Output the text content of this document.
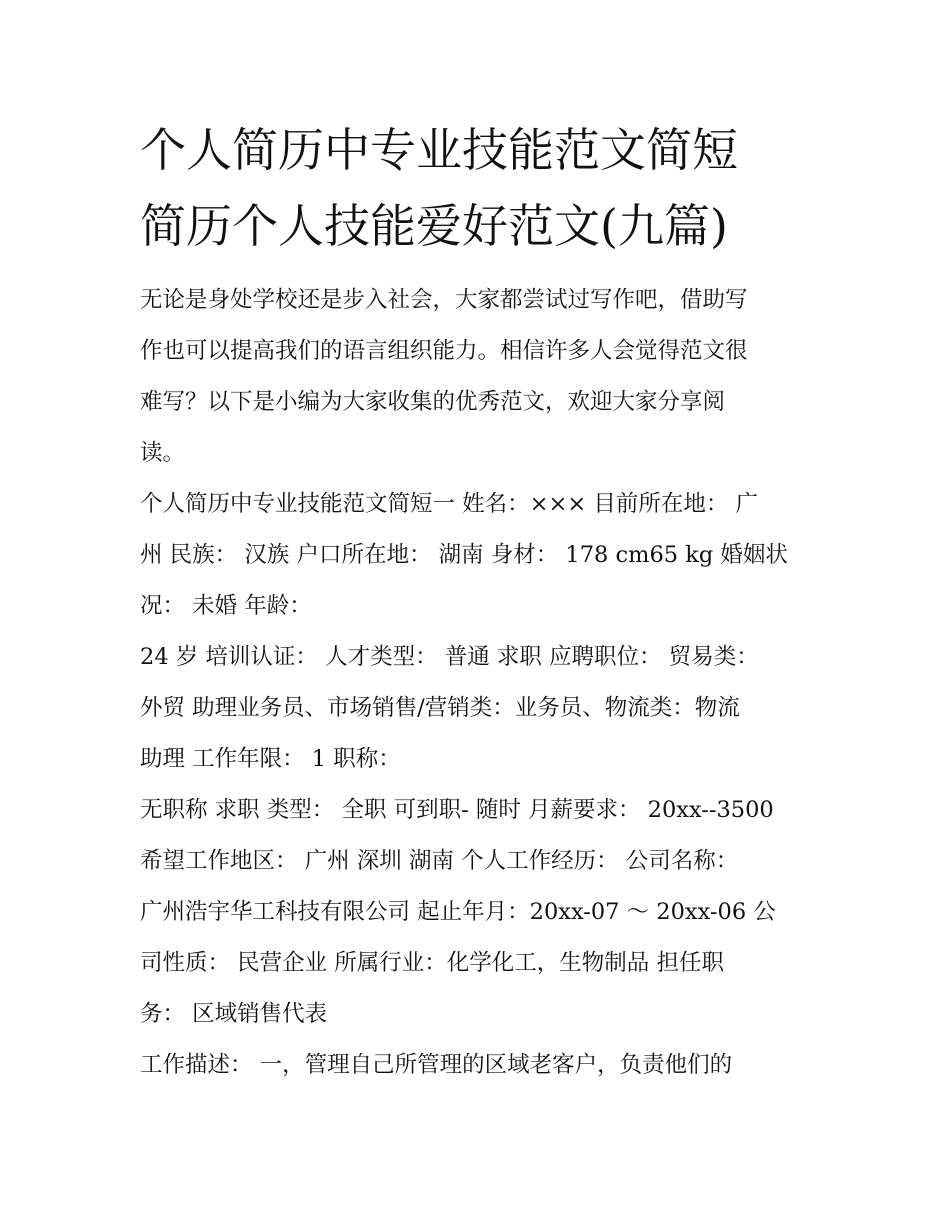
个人简历中专业技能范文简短
简历个人技能爱好范文(九篇)
无论是身处学校还是步入社会，大家都尝试过写作吧，借助写
作也可以提高我们的语言组织能力。相信许多人会觉得范文很
难写？以下是小编为大家收集的优秀范文，欢迎大家分享阅
读。
个人简历中专业技能范文简短一 姓名：××× 目前所在地： 广
州 民族： 汉族 户口所在地： 湖南 身材： 178 cm65 kg 婚姻状
况： 未婚 年龄：
24 岁 培训认证： 人才类型： 普通 求职 应聘职位： 贸易类：
外贸 助理业务员、市场销售/营销类：业务员、物流类：物流
助理 工作年限： 1 职称：
无职称 求职 类型： 全职 可到职- 随时 月薪要求： 20xx--3500
希望工作地区： 广州 深圳 湖南 个人工作经历： 公司名称：
广州浩宇华工科技有限公司 起止年月：20xx-07 ～ 20xx-06 公
司性质： 民营企业 所属行业：化学化工，生物制品 担任职
务： 区域销售代表
工作描述： 一，管理自己所管理的区域老客户，负责他们的
